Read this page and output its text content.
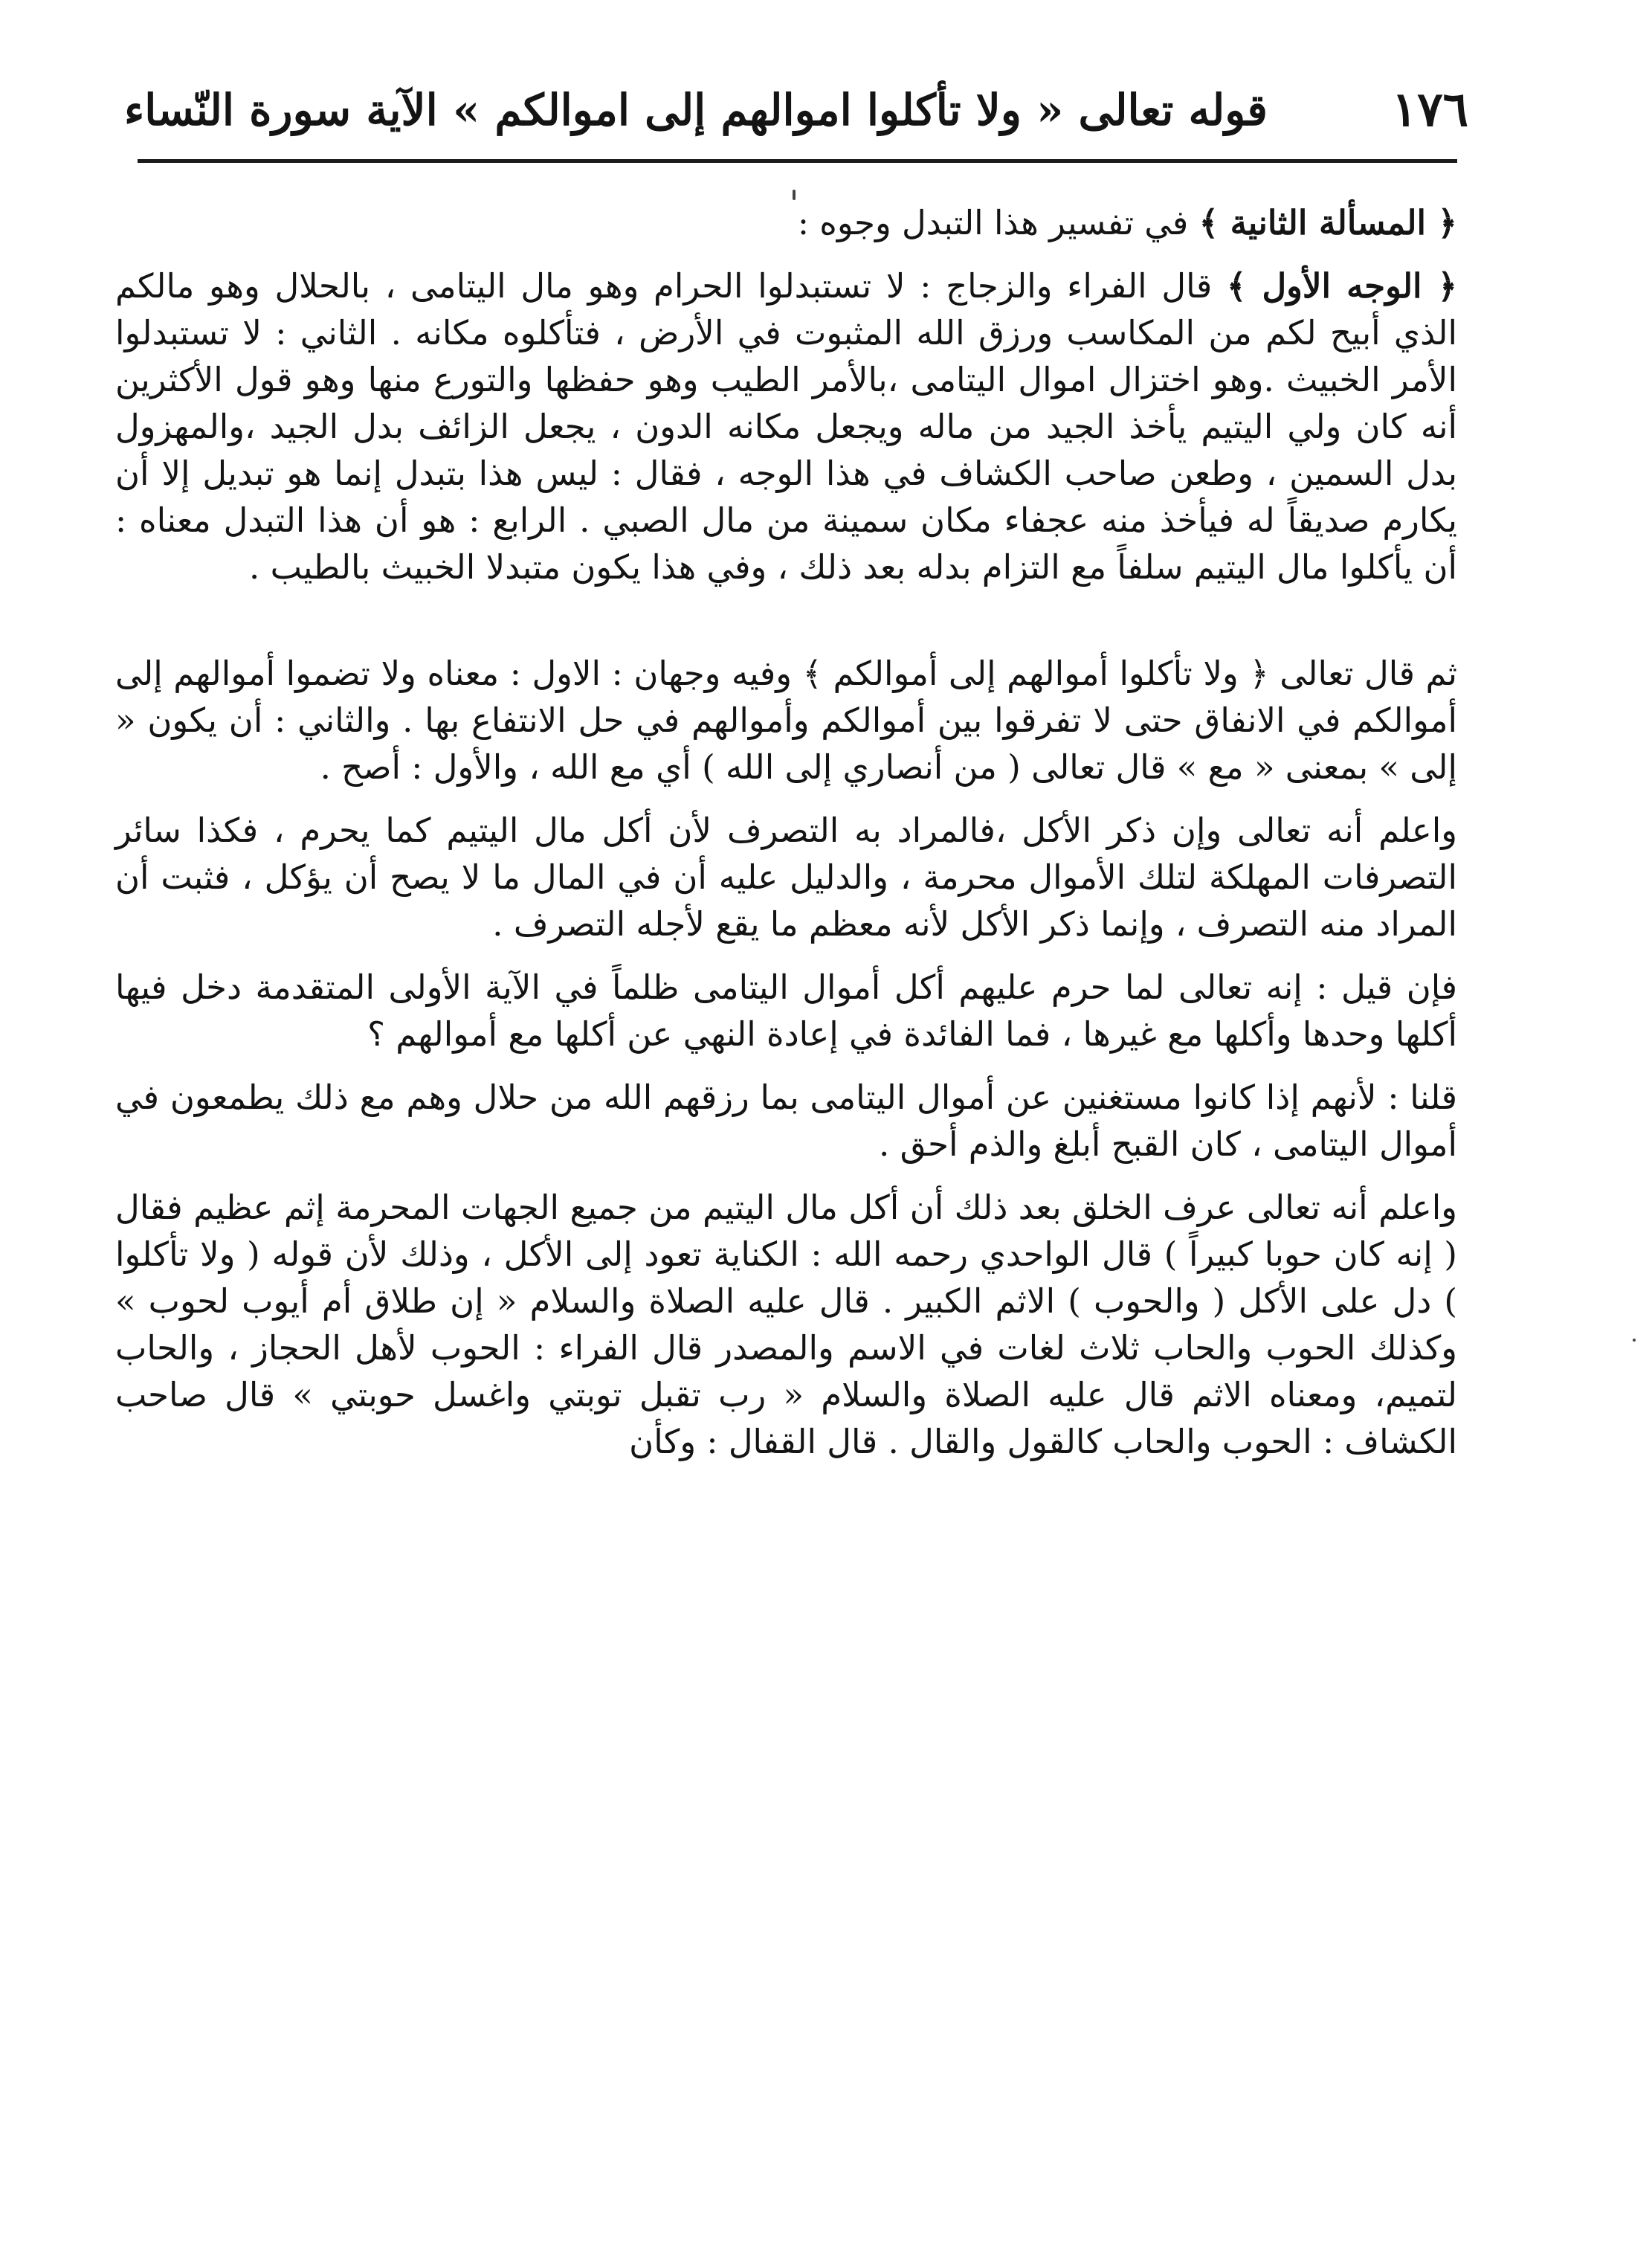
١٧٦
قوله تعالى « ولا تأكلوا اموالهم إلى اموالكم » الآية سورة النّساء

﴿ المسألة الثانية ﴾ في تفسير هذا التبدل وجوه :

﴿ الوجه الأول ﴾ قال الفراء والزجاج : لا تستبدلوا الحرام وهو مال اليتامى ، بالحلال وهو مالكم الذي أبيح لكم من المكاسب ورزق الله المثبوت في الأرض ، فتأكلوه مكانه . الثاني : لا تستبدلوا الأمر الخبيث .وهو اختزال اموال اليتامى ،بالأمر الطيب وهو حفظها والتورع منها وهو قول الأكثرين أنه كان ولي اليتيم يأخذ الجيد من ماله ويجعل مكانه الدون ، يجعل الزائف بدل الجيد ،والمهزول بدل السمين ، وطعن صاحب الكشاف في هذا الوجه ، فقال : ليس هذا بتبدل إنما هو تبديل إلا أن يكارم صديقاً له فيأخذ منه عجفاء مكان سمينة من مال الصبي . الرابع : هو أن هذا التبدل معناه : أن يأكلوا مال اليتيم سلفاً مع التزام بدله بعد ذلك ، وفي هذا يكون متبدلا الخبيث بالطيب .

ثم قال تعالى ﴿ ولا تأكلوا أموالهم إلى أموالكم ﴾ وفيه وجهان : الاول : معناه ولا تضموا أموالهم إلى أموالكم في الانفاق حتى لا تفرقوا بين أموالكم وأموالهم في حل الانتفاع بها . والثاني : أن يكون « إلى » بمعنى « مع » قال تعالى ( من أنصاري إلى الله ) أي مع الله ، والأول : أصح .

واعلم أنه تعالى وإن ذكر الأكل ،فالمراد به التصرف لأن أكل مال اليتيم كما يحرم ، فكذا سائر التصرفات المهلكة لتلك الأموال محرمة ، والدليل عليه أن في المال ما لا يصح أن يؤكل ، فثبت أن المراد منه التصرف ، وإنما ذكر الأكل لأنه معظم ما يقع لأجله التصرف .

فإن قيل : إنه تعالى لما حرم عليهم أكل أموال اليتامى ظلماً في الآية الأولى المتقدمة دخل فيها أكلها وحدها وأكلها مع غيرها ، فما الفائدة في إعادة النهي عن أكلها مع أموالهم ؟

قلنا : لأنهم إذا كانوا مستغنين عن أموال اليتامى بما رزقهم الله من حلال وهم مع ذلك يطمعون في أموال اليتامى ، كان القبح أبلغ والذم أحق .

واعلم أنه تعالى عرف الخلق بعد ذلك أن أكل مال اليتيم من جميع الجهات المحرمة إثم عظيم فقال ( إنه كان حوبا كبيراً ) قال الواحدي رحمه الله : الكناية تعود إلى الأكل ، وذلك لأن قوله ( ولا تأكلوا ) دل على الأكل ( والحوب ) الاثم الكبير . قال عليه الصلاة والسلام « إن طلاق أم أيوب لحوب » وكذلك الحوب والحاب ثلاث لغات في الاسم والمصدر قال الفراء : الحوب لأهل الحجاز ، والحاب لتميم، ومعناه الاثم قال عليه الصلاة والسلام « رب تقبل توبتي واغسل حوبتي » قال صاحب الكشاف : الحوب والحاب كالقول والقال . قال القفال : وكأن
